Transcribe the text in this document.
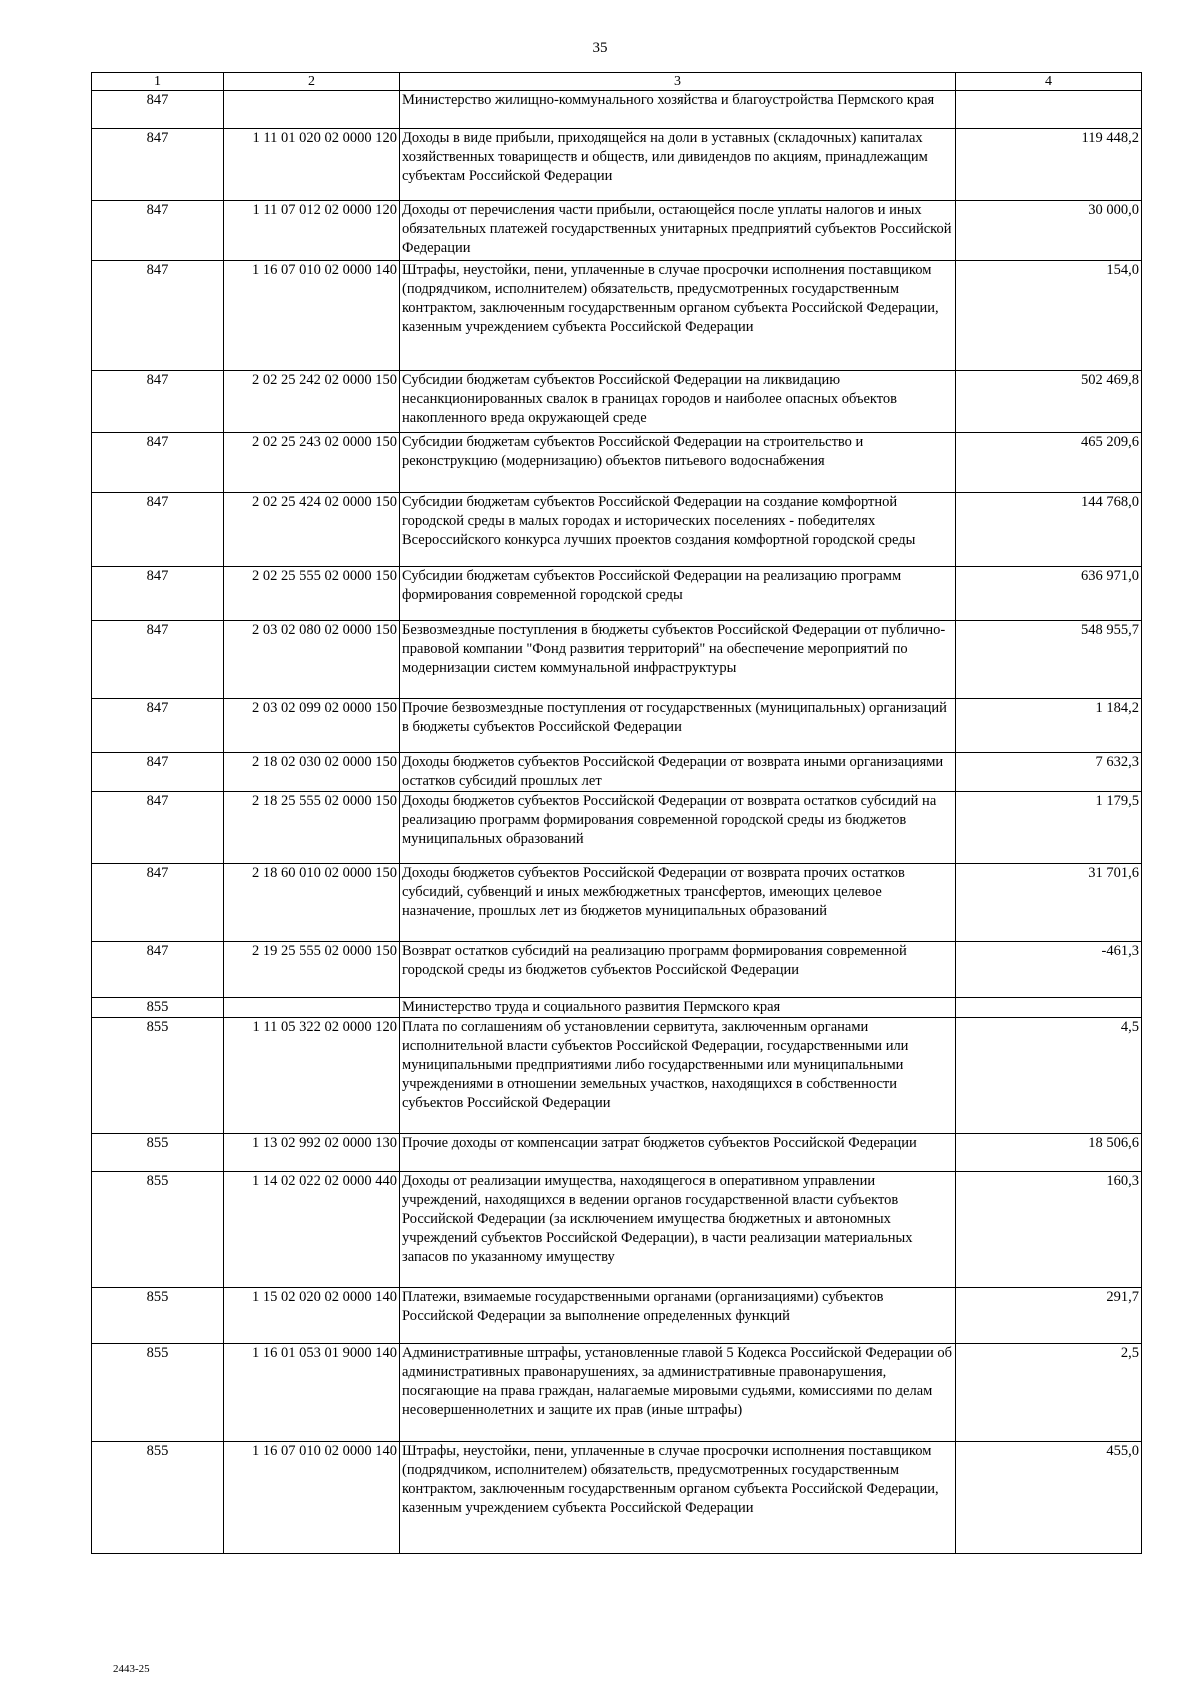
35
1	2	3	4
847		Министерство жилищно-коммунального хозяйства и благоустройства Пермского края	
847	1 11 01 020 02 0000 120	Доходы в виде прибыли, приходящейся на доли в уставных (складочных) капиталах хозяйственных товариществ и обществ, или дивидендов по акциям, принадлежащим субъектам Российской Федерации	119 448,2
847	1 11 07 012 02 0000 120	Доходы от перечисления части прибыли, остающейся после уплаты налогов и иных обязательных платежей государственных унитарных предприятий субъектов Российской Федерации	30 000,0
847	1 16 07 010 02 0000 140	Штрафы, неустойки, пени, уплаченные в случае просрочки исполнения поставщиком (подрядчиком, исполнителем) обязательств, предусмотренных государственным контрактом, заключенным государственным органом субъекта Российской Федерации, казенным учреждением субъекта Российской Федерации	154,0
847	2 02 25 242 02 0000 150	Субсидии бюджетам субъектов Российской Федерации на ликвидацию несанкционированных свалок в границах городов и наиболее опасных объектов накопленного вреда окружающей среде	502 469,8
847	2 02 25 243 02 0000 150	Субсидии бюджетам субъектов Российской Федерации на строительство и реконструкцию (модернизацию) объектов питьевого водоснабжения	465 209,6
847	2 02 25 424 02 0000 150	Субсидии бюджетам субъектов Российской Федерации на создание комфортной городской среды в малых городах и исторических поселениях - победителях Всероссийского конкурса лучших проектов создания комфортной городской среды	144 768,0
847	2 02 25 555 02 0000 150	Субсидии бюджетам субъектов Российской Федерации на реализацию программ формирования современной городской среды	636 971,0
847	2 03 02 080 02 0000 150	Безвозмездные поступления в бюджеты субъектов Российской Федерации от публично-правовой компании "Фонд развития территорий" на обеспечение мероприятий по модернизации систем коммунальной инфраструктуры	548 955,7
847	2 03 02 099 02 0000 150	Прочие безвозмездные поступления от государственных (муниципальных) организаций в бюджеты субъектов Российской Федерации	1 184,2
847	2 18 02 030 02 0000 150	Доходы бюджетов субъектов Российской Федерации от возврата иными организациями остатков субсидий прошлых лет	7 632,3
847	2 18 25 555 02 0000 150	Доходы бюджетов субъектов Российской Федерации от возврата остатков субсидий на реализацию программ формирования современной городской среды из бюджетов муниципальных образований	1 179,5
847	2 18 60 010 02 0000 150	Доходы бюджетов субъектов Российской Федерации от возврата прочих остатков субсидий, субвенций и иных межбюджетных трансфертов, имеющих целевое назначение, прошлых лет из бюджетов муниципальных образований	31 701,6
847	2 19 25 555 02 0000 150	Возврат остатков субсидий на реализацию программ формирования современной городской среды из бюджетов субъектов Российской Федерации	-461,3
855		Министерство труда и социального развития Пермского края	
855	1 11 05 322 02 0000 120	Плата по соглашениям об установлении сервитута, заключенным органами исполнительной власти субъектов Российской Федерации, государственными или муниципальными предприятиями либо государственными или муниципальными учреждениями в отношении земельных участков, находящихся в собственности субъектов Российской Федерации	4,5
855	1 13 02 992 02 0000 130	Прочие доходы от компенсации затрат бюджетов субъектов Российской Федерации	18 506,6
855	1 14 02 022 02 0000 440	Доходы от реализации имущества, находящегося в оперативном управлении учреждений, находящихся в ведении органов государственной власти субъектов Российской Федерации (за исключением имущества бюджетных и автономных учреждений субъектов Российской Федерации), в части реализации материальных запасов по указанному имуществу	160,3
855	1 15 02 020 02 0000 140	Платежи, взимаемые государственными органами (организациями) субъектов Российской Федерации за выполнение определенных функций	291,7
855	1 16 01 053 01 9000 140	Административные штрафы, установленные главой 5 Кодекса Российской Федерации об административных правонарушениях, за административные правонарушения, посягающие на права граждан, налагаемые мировыми судьями, комиссиями по делам несовершеннолетних и защите их прав (иные штрафы)	2,5
855	1 16 07 010 02 0000 140	Штрафы, неустойки, пени, уплаченные в случае просрочки исполнения поставщиком (подрядчиком, исполнителем) обязательств, предусмотренных государственным контрактом, заключенным государственным органом субъекта Российской Федерации, казенным учреждением субъекта Российской Федерации	455,0
2443-25
